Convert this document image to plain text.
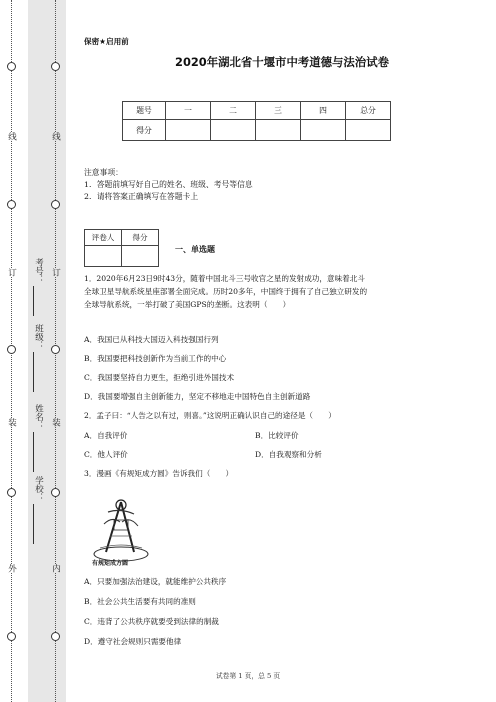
线
订
装
外
线
订
装
内
学校：
姓名：
班级：
考号：
保密★启用前
2020年湖北省十堰市中考道德与法治试卷
题号	一	二	三	四	总分
得分					
注意事项：
1．答题前填写好自己的姓名、班级、考号等信息
2．请将答案正确填写在答题卡上
评卷人	得分

一、单选题
1．2020年6月23日9时43分，随着中国北斗三号收官之星的发射成功，意味着北斗
全球卫星导航系统星座部署全面完成。历时20多年，中国终于拥有了自己独立研发的
全球导航系统，一举打破了美国GPS的垄断。这表明（　　）
A．我国已从科技大国迈入科技强国行列
B．我国要把科技创新作为当前工作的中心
C．我国要坚持自力更生，拒绝引进外国技术
D．我国要增强自主创新能力，坚定不移地走中国特色自主创新道路
2．孟子曰：“人告之以有过，则喜。”这说明正确认识自己的途径是（　　）
A．自我评价	B．比较评价
C．他人评价	D．自我观察和分析
3．漫画《有规矩成方圆》告诉我们（　　）
有规矩成方圆
A．只要加强法治建设，就能维护公共秩序
B．社会公共生活要有共同的准则
C．违背了公共秩序就要受到法律的制裁
D．遵守社会规则只需要他律
试卷第 1 页，总 5 页
